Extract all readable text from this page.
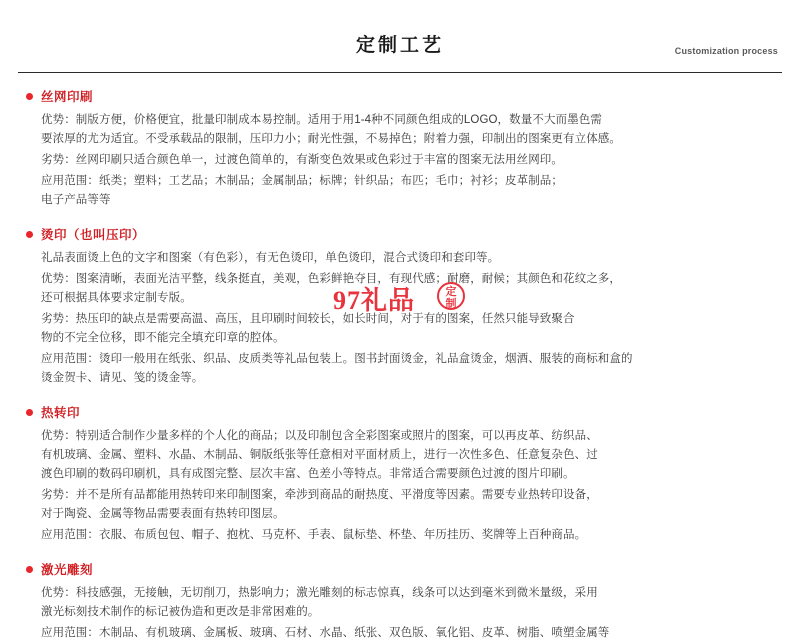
定制工艺	Customization process
丝网印刷

优势：制版方便，价格便宜，批量印制成本易控制。适用于用1-4种不同颜色组成的LOGO，数量不大而墨色需

要浓厚的尤为适宜。不受承载品的限制，压印力小；耐光性强，不易掉色；附着力强，印制出的图案更有立体感。

劣势：丝网印刷只适合颜色单一，过渡色简单的，有渐变色效果或色彩过于丰富的图案无法用丝网印。

应用范围：纸类；塑料；工艺品；木制品；金属制品；标牌；针织品；布匹；毛巾；衬衫；皮革制品；

电子产品等等

烫印（也叫压印）

礼品表面烫上色的文字和图案（有色彩），有无色烫印，单色烫印，混合式烫印和套印等。

优势：图案清晰，表面光洁平整，线条挺直，美观，色彩鲜艳夺目，有现代感；耐磨，耐候；其颜色和花纹之多，

还可根据具体要求定制专版。

劣势：热压印的缺点是需要高温、高压，且印刷时间较长，如长时间，对于有的图案，任然只能导致聚合

物的不完全位移，即不能完全填充印章的腔体。

应用范围：烫印一般用在纸张、织品、皮质类等礼品包装上。图书封面烫金，礼品盒烫金，烟酒、服装的商标和盒的

烫金贺卡、请见、笺的烫金等。

热转印

优势：特别适合制作少量多样的个人化的商品；以及印制包含全彩图案或照片的图案，可以再皮革、纺织品、

有机玻璃、金属、塑料、水晶、木制品、铜版纸张等任意相对平面材质上，进行一次性多色、任意复杂色、过

渡色印刷的数码印刷机，具有成图完整、层次丰富、色差小等特点。非常适合需要颜色过渡的图片印刷。

劣势：并不是所有品都能用热转印来印制图案，牵涉到商品的耐热度、平滑度等因素。需要专业热转印设备，

对于陶瓷、金属等物品需要表面有热转印图层。

应用范围：衣服、布质包包、帽子、抱枕、马克杯、手表、鼠标垫、杯垫、年历挂历、奖牌等上百种商品。

激光雕刻

优势：科技感强，无接触，无切削刀，热影响力；激光雕刻的标志惊真，线条可以达到毫米到微米量级，采用

激光标刻技术制作的标记被伪造和更改是非常困难的。

应用范围：木制品、有机玻璃、金属板、玻璃、石材、水晶、纸张、双色版、氧化铝、皮革、树脂、喷塑金属等

97礼品	定
制
